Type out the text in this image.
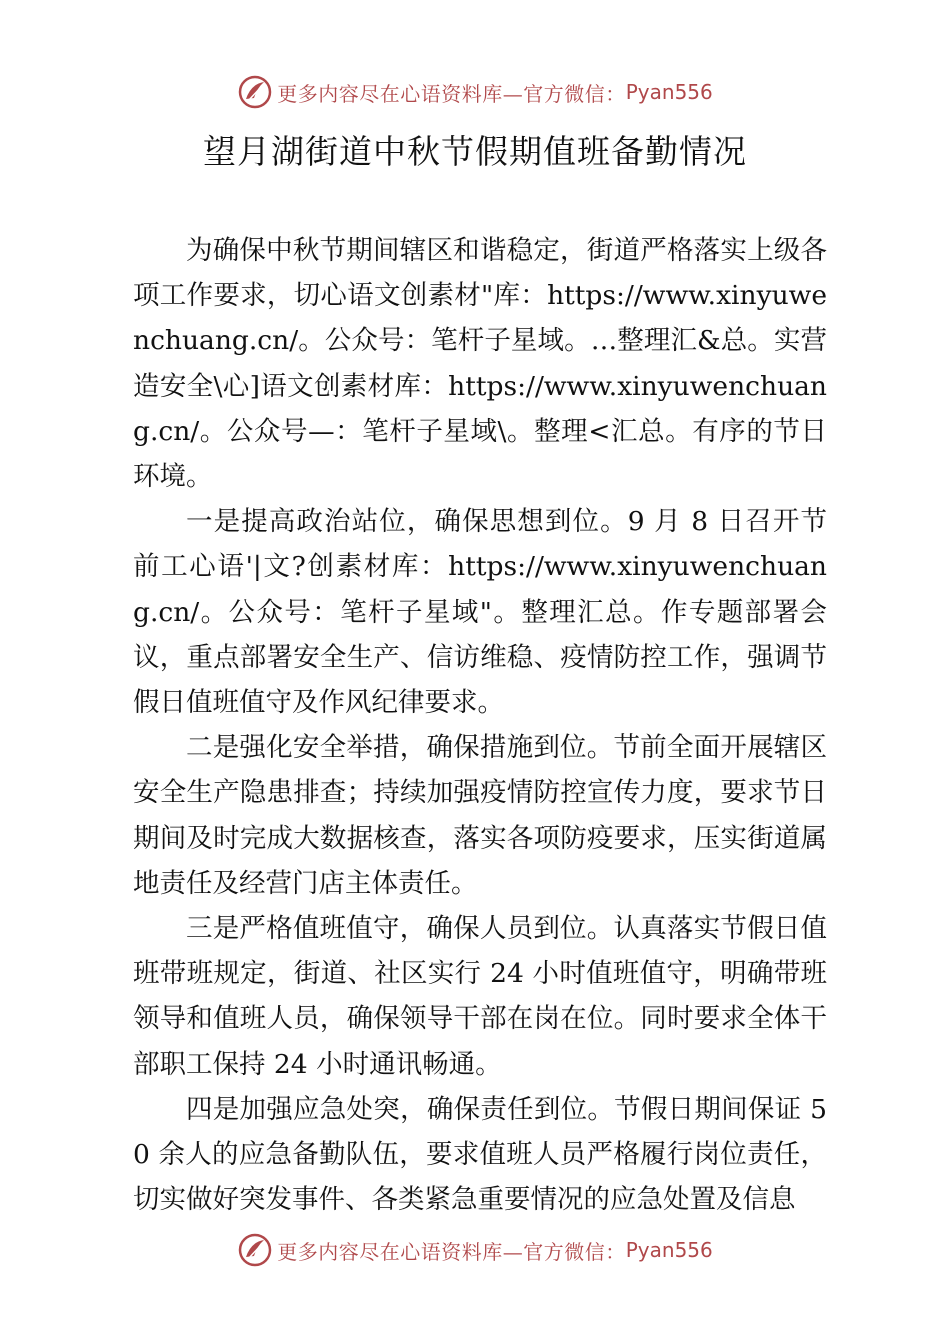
更多内容尽在心语资料库—官方微信： Pyan556
望月湖街道中秋节假期值班备勤情况

为确保中秋节期间辖区和谐稳定，街道严格落实上级各项工作要求，切心语文创素材"库：https://www.xinyuwenchuang.cn/。公众号：笔杆子星域。…整理汇&总。实营造安全\心]语文创素材库：https://www.xinyuwenchuang.cn/。公众号—：笔杆子星域\。整理<汇总。有序的节日环境。

一是提高政治站位，确保思想到位。9 月 8 日召开节前工心语'|文?创素材库：https://www.xinyuwenchuang.cn/。公众号：笔杆子星域"。整理汇总。作专题部署会议，重点部署安全生产、信访维稳、疫情防控工作，强调节假日值班值守及作风纪律要求。

二是强化安全举措，确保措施到位。节前全面开展辖区安全生产隐患排查；持续加强疫情防控宣传力度，要求节日期间及时完成大数据核查，落实各项防疫要求，压实街道属地责任及经营门店主体责任。

三是严格值班值守，确保人员到位。认真落实节假日值班带班规定，街道、社区实行 24 小时值班值守，明确带班领导和值班人员，确保领导干部在岗在位。同时要求全体干部职工保持 24 小时通讯畅通。

四是加强应急处突，确保责任到位。节假日期间保证 50 余人的应急备勤队伍，要求值班人员严格履行岗位责任，切实做好突发事件、各类紧急重要情况的应急处置及信息

更多内容尽在心语资料库—官方微信： Pyan556
